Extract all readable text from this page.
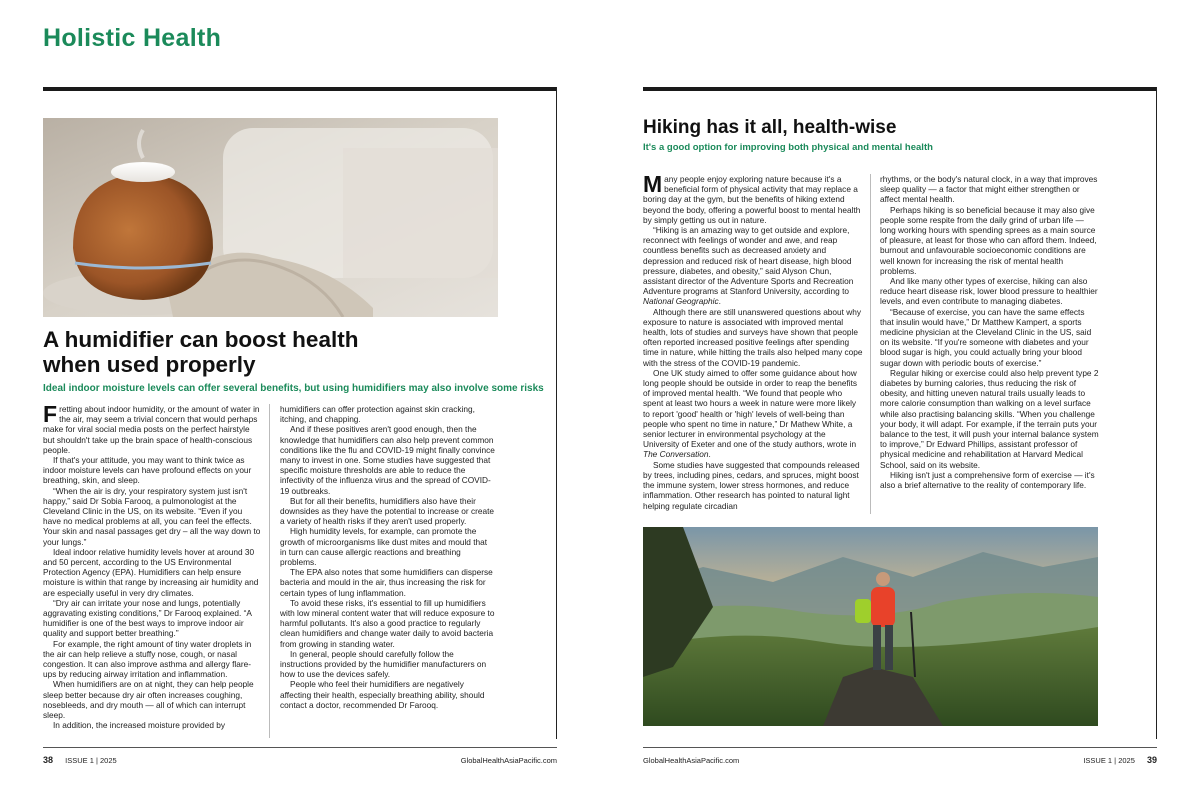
Holistic Health
A humidifier can boost health
when used properly
Ideal indoor moisture levels can offer several benefits, but using humidifiers may also involve some risks

Fretting about indoor humidity, or the amount of water in the air, may seem a trivial concern that would perhaps make for viral social media posts on the perfect hairstyle but shouldn't take up the brain space of health-conscious people.

If that's your attitude, you may want to think twice as indoor moisture levels can have profound effects on your breathing, skin, and sleep.

“When the air is dry, your respiratory system just isn't happy,” said Dr Sobia Farooq, a pulmonologist at the Cleveland Clinic in the US, on its website. “Even if you have no medical problems at all, you can feel the effects. Your skin and nasal passages get dry – all the way down to your lungs.”

Ideal indoor relative humidity levels hover at around 30 and 50 percent, according to the US Environmental Protection Agency (EPA). Humidifiers can help ensure moisture is within that range by increasing air humidity and are especially useful in very dry climates.

“Dry air can irritate your nose and lungs, potentially aggravating existing conditions,” Dr Farooq explained. “A humidifier is one of the best ways to improve indoor air quality and support better breathing.”

For example, the right amount of tiny water droplets in the air can help relieve a stuffy nose, cough, or nasal congestion. It can also improve asthma and allergy flare-ups by reducing airway irritation and inflammation.

When humidifiers are on at night, they can help people sleep better because dry air often increases coughing, nosebleeds, and dry mouth — all of which can interrupt sleep.

In addition, the increased moisture provided by

humidifiers can offer protection against skin cracking, itching, and chapping.

And if these positives aren't good enough, then the knowledge that humidifiers can also help prevent common conditions like the flu and COVID-19 might finally convince many to invest in one. Some studies have suggested that specific moisture thresholds are able to reduce the infectivity of the influenza virus and the spread of COVID-19 outbreaks.

But for all their benefits, humidifiers also have their downsides as they have the potential to increase or create a variety of health risks if they aren't used properly.

High humidity levels, for example, can promote the growth of microorganisms like dust mites and mould that in turn can cause allergic reactions and breathing problems.

The EPA also notes that some humidifiers can disperse bacteria and mould in the air, thus increasing the risk for certain types of lung inflammation.

To avoid these risks, it's essential to fill up humidifiers with low mineral content water that will reduce exposure to harmful pollutants. It's also a good practice to regularly clean humidifiers and change water daily to avoid bacteria from growing in standing water.

In general, people should carefully follow the instructions provided by the humidifier manufacturers on how to use the devices safely.

People who feel their humidifiers are negatively affecting their health, especially breathing ability, should contact a doctor, recommended Dr Farooq.

38 ISSUE 1 | 2025	GlobalHealthAsiaPacific.com
Hiking has it all, health-wise
It's a good option for improving both physical and mental health

Many people enjoy exploring nature because it's a beneficial form of physical activity that may replace a boring day at the gym, but the benefits of hiking extend beyond the body, offering a powerful boost to mental health by simply getting us out in nature.

“Hiking is an amazing way to get outside and explore, reconnect with feelings of wonder and awe, and reap countless benefits such as decreased anxiety and depression and reduced risk of heart disease, high blood pressure, diabetes, and obesity,” said Alyson Chun, assistant director of the Adventure Sports and Recreation Adventure programs at Stanford University, according to National Geographic.

Although there are still unanswered questions about why exposure to nature is associated with improved mental health, lots of studies and surveys have shown that people often reported increased positive feelings after spending time in nature, while hitting the trails also helped many cope with the stress of the COVID-19 pandemic.

One UK study aimed to offer some guidance about how long people should be outside in order to reap the benefits of improved mental health. “We found that people who spent at least two hours a week in nature were more likely to report 'good' health or 'high' levels of well-being than people who spent no time in nature,” Dr Mathew White, a senior lecturer in environmental psychology at the University of Exeter and one of the study authors, wrote in The Conversation.

Some studies have suggested that compounds released by trees, including pines, cedars, and spruces, might boost the immune system, lower stress hormones, and reduce inflammation. Other research has pointed to natural light helping regulate circadian

rhythms, or the body's natural clock, in a way that improves sleep quality — a factor that might either strengthen or affect mental health.

Perhaps hiking is so beneficial because it may also give people some respite from the daily grind of urban life — long working hours with spending sprees as a main source of pleasure, at least for those who can afford them. Indeed, burnout and unfavourable socioeconomic conditions are well known for increasing the risk of mental health problems.

And like many other types of exercise, hiking can also reduce heart disease risk, lower blood pressure to healthier levels, and even contribute to managing diabetes.

“Because of exercise, you can have the same effects that insulin would have,” Dr Matthew Kampert, a sports medicine physician at the Cleveland Clinic in the US, said on its website. “If you're someone with diabetes and your blood sugar is high, you could actually bring your blood sugar down with periodic bouts of exercise.”

Regular hiking or exercise could also help prevent type 2 diabetes by burning calories, thus reducing the risk of obesity, and hitting uneven natural trails usually leads to more calorie consumption than walking on a level surface while also practising balancing skills. “When you challenge your body, it will adapt. For example, if the terrain puts your balance to the test, it will push your internal balance system to improve,” Dr Edward Phillips, assistant professor of physical medicine and rehabilitation at Harvard Medical School, said on its website.

Hiking isn't just a comprehensive form of exercise — it's also a brief alternative to the reality of contemporary life.

GlobalHealthAsiaPacific.com	ISSUE 1 | 2025 39
